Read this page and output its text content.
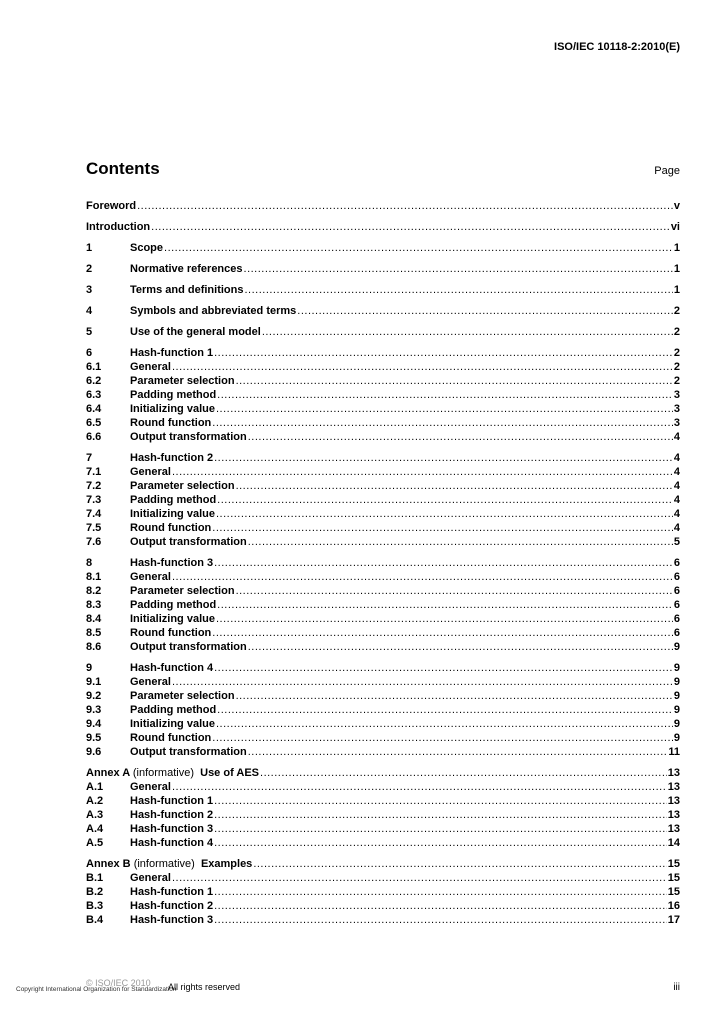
ISO/IEC 10118-2:2010(E)
Contents	Page
Foreword .....	v
Introduction .....	vi
1	Scope .....	1
2	Normative references .....	1
3	Terms and definitions .....	1
4	Symbols and abbreviated terms .....	2
5	Use of the general model .....	2
6	Hash-function 1 .....	2
6.1	General .....	2
6.2	Parameter selection .....	2
6.3	Padding method .....	3
6.4	Initializing value .....	3
6.5	Round function .....	3
6.6	Output transformation .....	4
7	Hash-function 2 .....	4
7.1	General .....	4
7.2	Parameter selection .....	4
7.3	Padding method .....	4
7.4	Initializing value .....	4
7.5	Round function .....	4
7.6	Output transformation .....	5
8	Hash-function 3 .....	6
8.1	General .....	6
8.2	Parameter selection .....	6
8.3	Padding method .....	6
8.4	Initializing value .....	6
8.5	Round function .....	6
8.6	Output transformation .....	9
9	Hash-function 4 .....	9
9.1	General .....	9
9.2	Parameter selection .....	9
9.3	Padding method .....	9
9.4	Initializing value .....	9
9.5	Round function .....	9
9.6	Output transformation .....	11
Annex A (informative) Use of AES .....	13
A.1	General .....	13
A.2	Hash-function 1 .....	13
A.3	Hash-function 2 .....	13
A.4	Hash-function 3 .....	13
A.5	Hash-function 4 .....	14
Annex B (informative) Examples .....	15
B.1	General .....	15
B.2	Hash-function 1 .....	15
B.3	Hash-function 2 .....	16
B.4	Hash-function 3 .....	17
© ISO/IEC 2010 All rights reserved
Copyright International Organization for Standardization	iii
